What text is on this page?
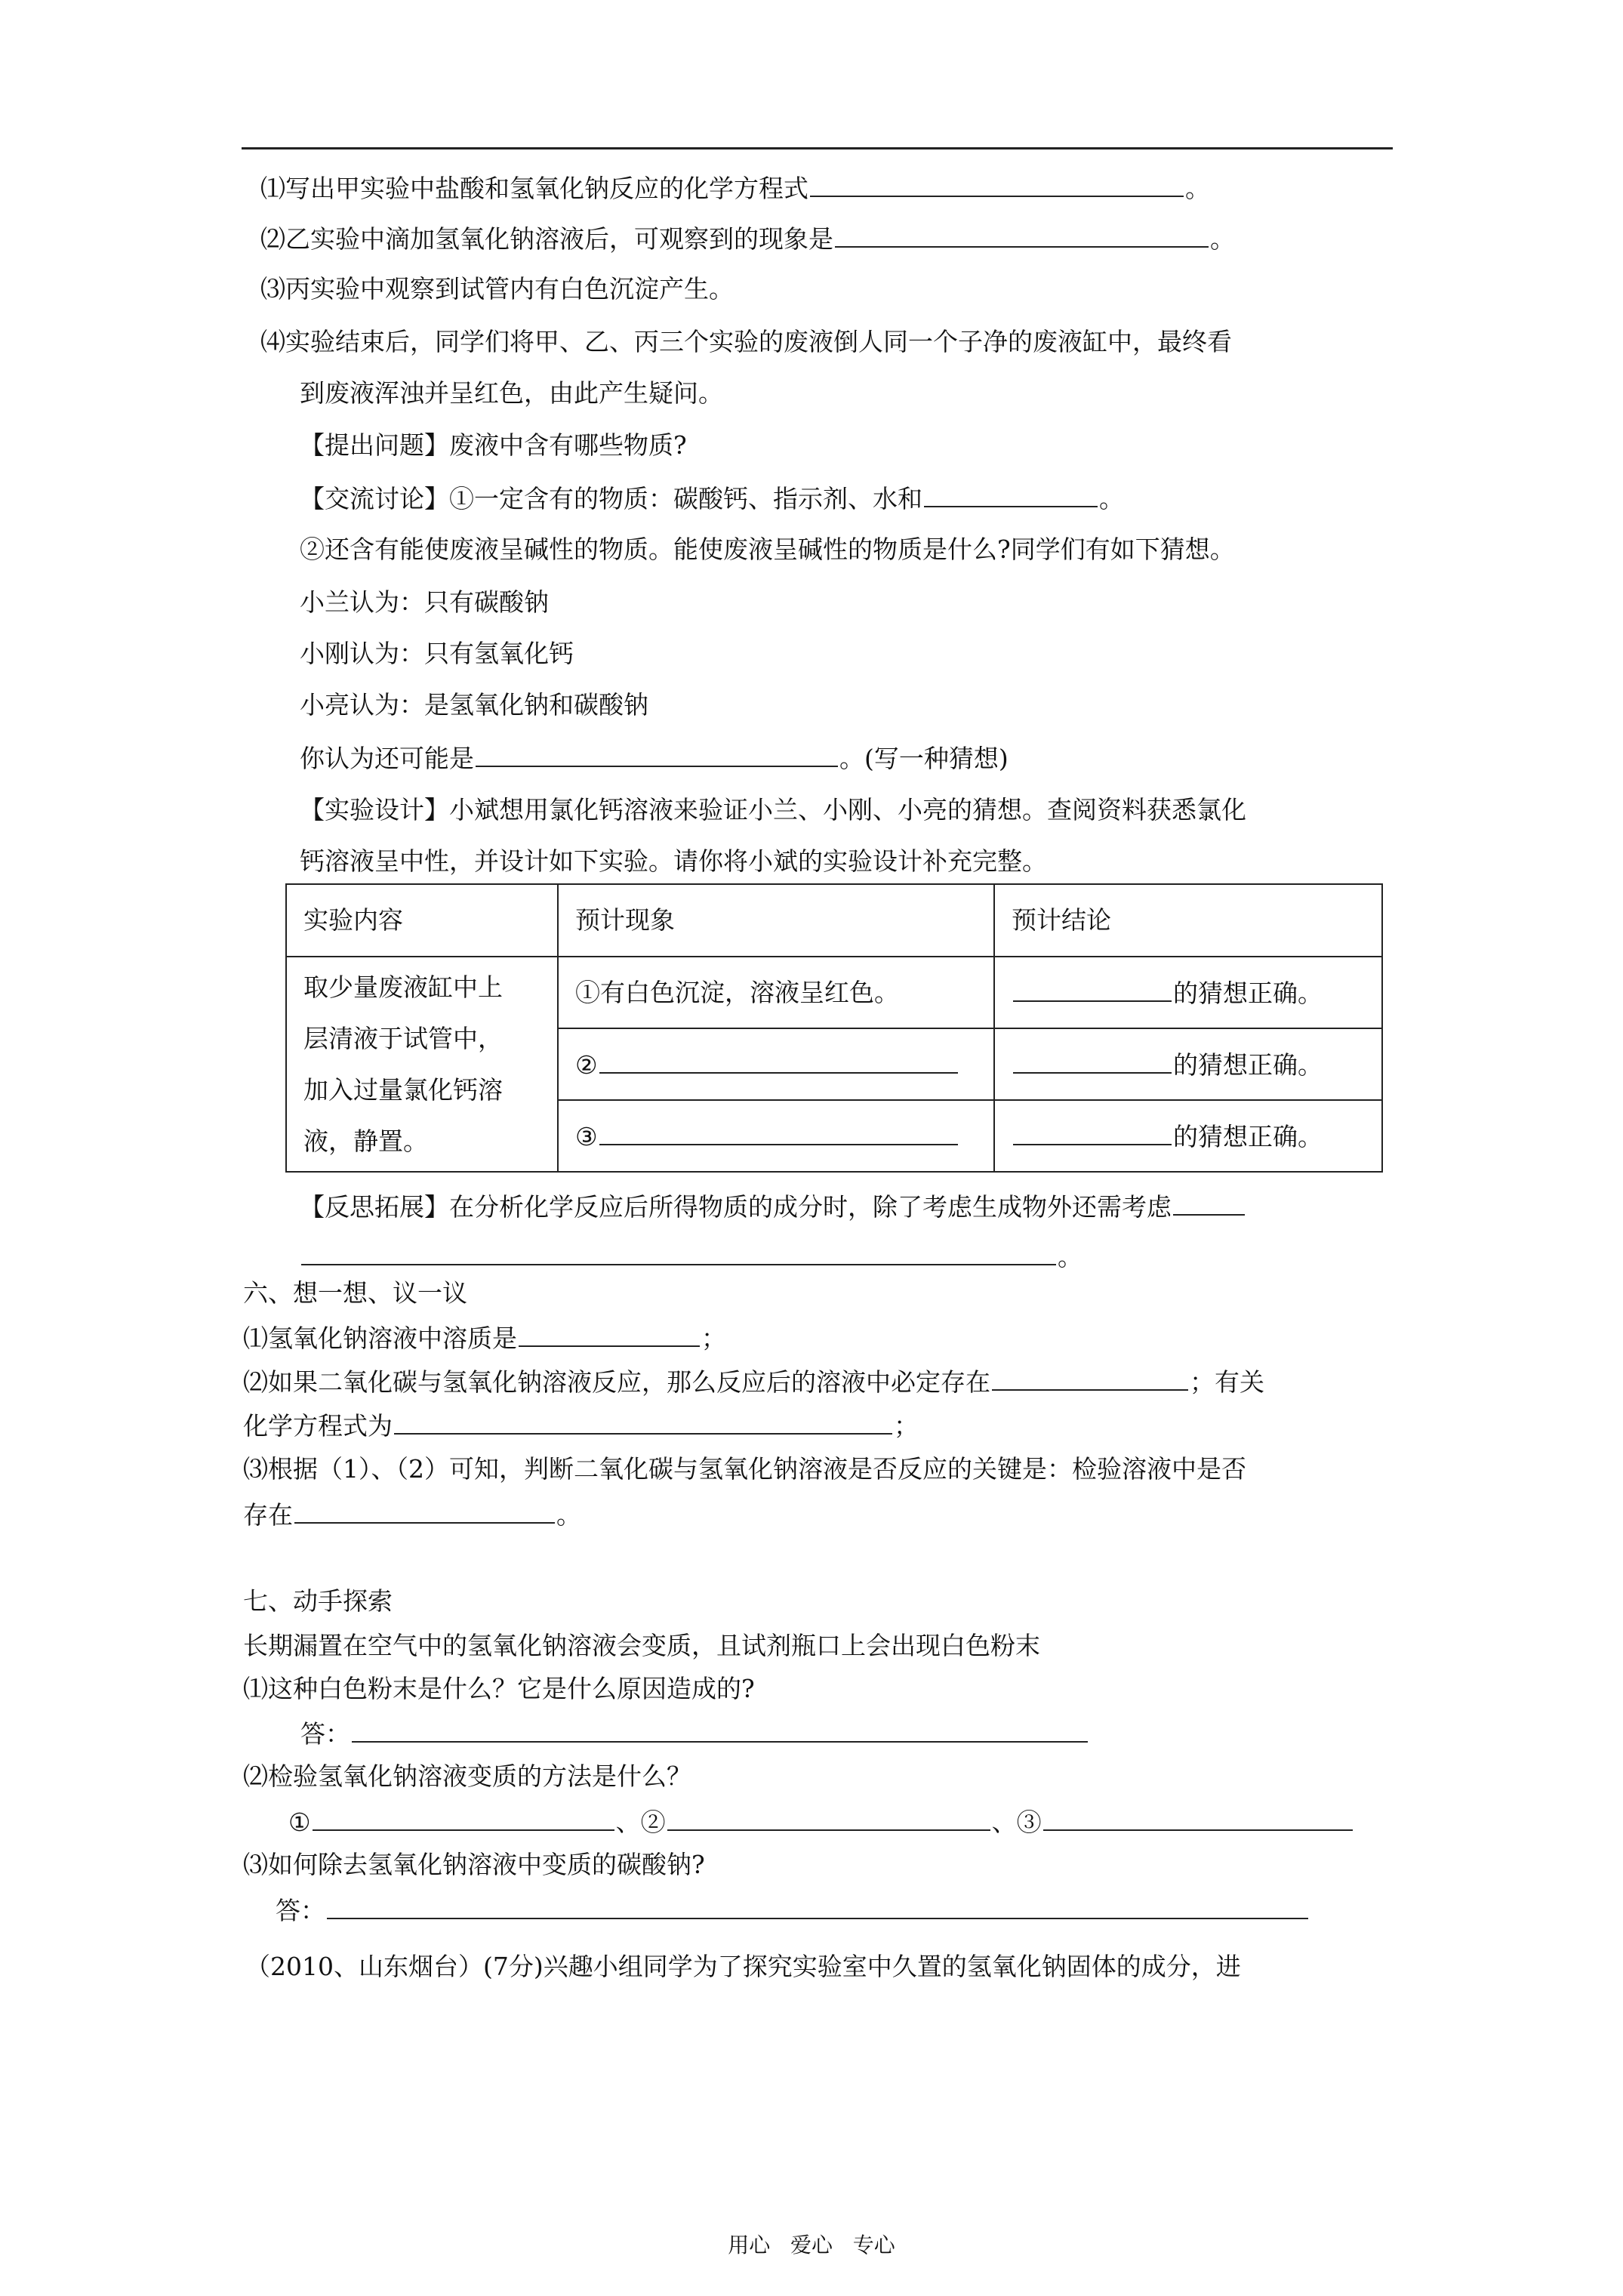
⑴写出甲实验中盐酸和氢氧化钠反应的化学方程式	。
⑵乙实验中滴加氢氧化钠溶液后，可观察到的现象是	。
⑶丙实验中观察到试管内有白色沉淀产生。
⑷实验结束后，同学们将甲、乙、丙三个实验的废液倒人同一个子净的废液缸中，最终看
到废液浑浊并呈红色，由此产生疑问。
【提出问题】废液中含有哪些物质?
【交流讨论】①一定含有的物质：碳酸钙、指示剂、水和	。
②还含有能使废液呈碱性的物质。能使废液呈碱性的物质是什么?同学们有如下猜想。
小兰认为：只有碳酸钠
小刚认为：只有氢氧化钙
小亮认为：是氢氧化钠和碳酸钠
你认为还可能是	。(写一种猜想)
【实验设计】小斌想用氯化钙溶液来验证小兰、小刚、小亮的猜想。查阅资料获悉氯化
钙溶液呈中性，并设计如下实验。请你将小斌的实验设计补充完整。
实验内容	预计现象	预计结论

取少量废液缸中上
层清液于试管中，
加入过量氯化钙溶
液，静置。	①有白色沉淀，溶液呈红色。	的猜想正确。
	②	的猜想正确。
	③	的猜想正确。
【反思拓展】在分析化学反应后所得物质的成分时，除了考虑生成物外还需考虑
。
六、想一想、议一议
⑴氢氧化钠溶液中溶质是	；
⑵如果二氧化碳与氢氧化钠溶液反应，那么反应后的溶液中必定存在	；有关
化学方程式为	；
⑶根据（1）、（2）可知，判断二氧化碳与氢氧化钠溶液是否反应的关键是：检验溶液中是否
存在	。
七、动手探索
长期漏置在空气中的氢氧化钠溶液会变质，且试剂瓶口上会出现白色粉末
⑴这种白色粉末是什么？它是什么原因造成的?
答：
⑵检验氢氧化钠溶液变质的方法是什么？
①	、②	、③
⑶如何除去氢氧化钠溶液中变质的碳酸钠?
答：
（2010、山东烟台）(7分)兴趣小组同学为了探究实验室中久置的氢氧化钠固体的成分，进
用心   爱心   专心
